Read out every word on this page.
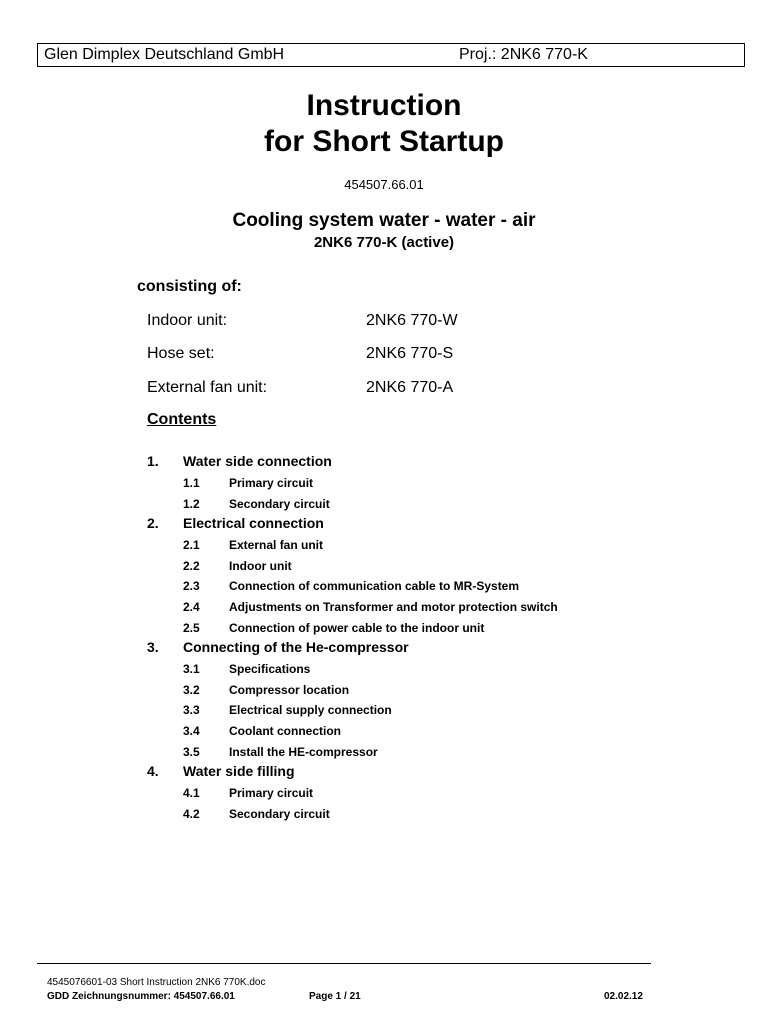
Glen Dimplex Deutschland GmbH	Proj.: 2NK6 770-K
Instruction
for Short Startup
454507.66.01
Cooling system water - water - air
2NK6 770-K (active)
consisting of:
Indoor unit:	2NK6 770-W
Hose set:	2NK6 770-S
External fan unit:	2NK6 770-A
Contents
1. Water side connection
1.1 Primary circuit
1.2 Secondary circuit
2. Electrical connection
2.1 External fan unit
2.2 Indoor unit
2.3 Connection of communication cable to MR-System
2.4 Adjustments on Transformer and motor protection switch
2.5 Connection of power cable to the indoor unit
3. Connecting of the He-compressor
3.1 Specifications
3.2 Compressor location
3.3 Electrical supply connection
3.4 Coolant connection
3.5 Install the HE-compressor
4. Water side filling
4.1 Primary circuit
4.2 Secondary circuit
4545076601-03 Short Instruction 2NK6 770K.doc
GDD Zeichnungsnummer: 454507.66.01	Page 1 / 21	02.02.12
